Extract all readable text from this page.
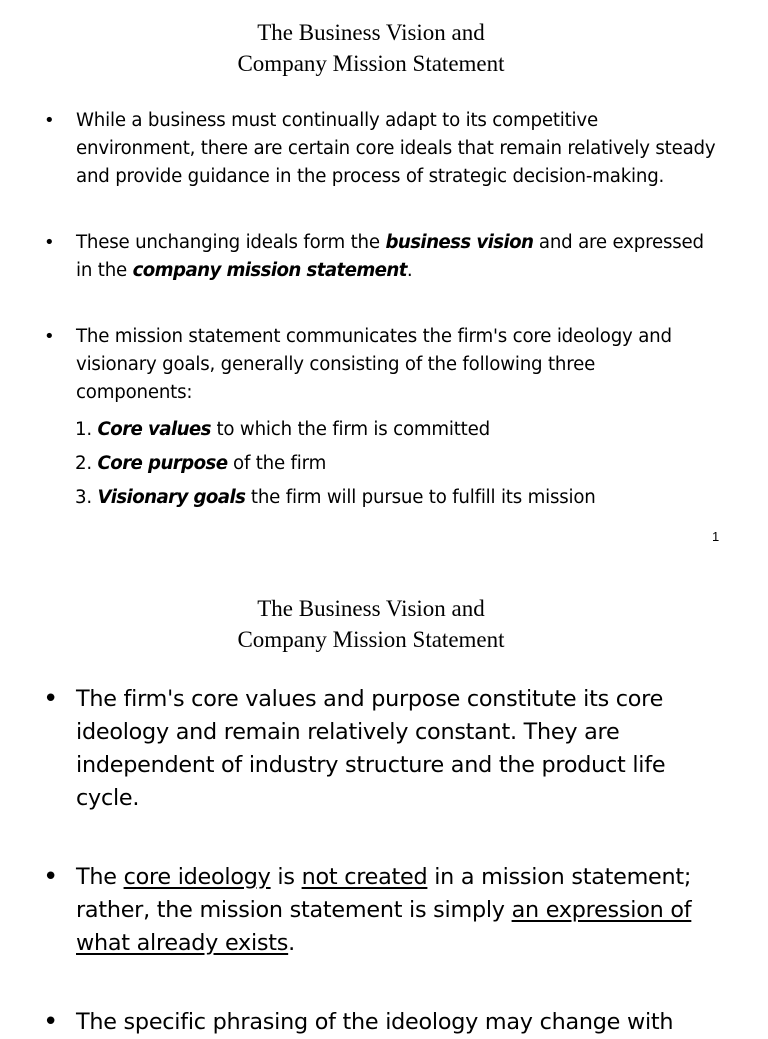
The Business Vision and
Company Mission Statement
• While a business must continually adapt to its competitive environment, there are certain core ideals that remain relatively steady and provide guidance in the process of strategic decision-making.
• These unchanging ideals form the business vision and are expressed in the company mission statement.
• The mission statement communicates the firm's core ideology and visionary goals, generally consisting of the following three components:
1. Core values to which the firm is committed
2. Core purpose of the firm
3. Visionary goals the firm will pursue to fulfill its mission
1
The Business Vision and
Company Mission Statement
• The firm's core values and purpose constitute its core ideology and remain relatively constant. They are independent of industry structure and the product life cycle.
• The core ideology is not created in a mission statement; rather, the mission statement is simply an expression of what already exists.
• The specific phrasing of the ideology may change with
